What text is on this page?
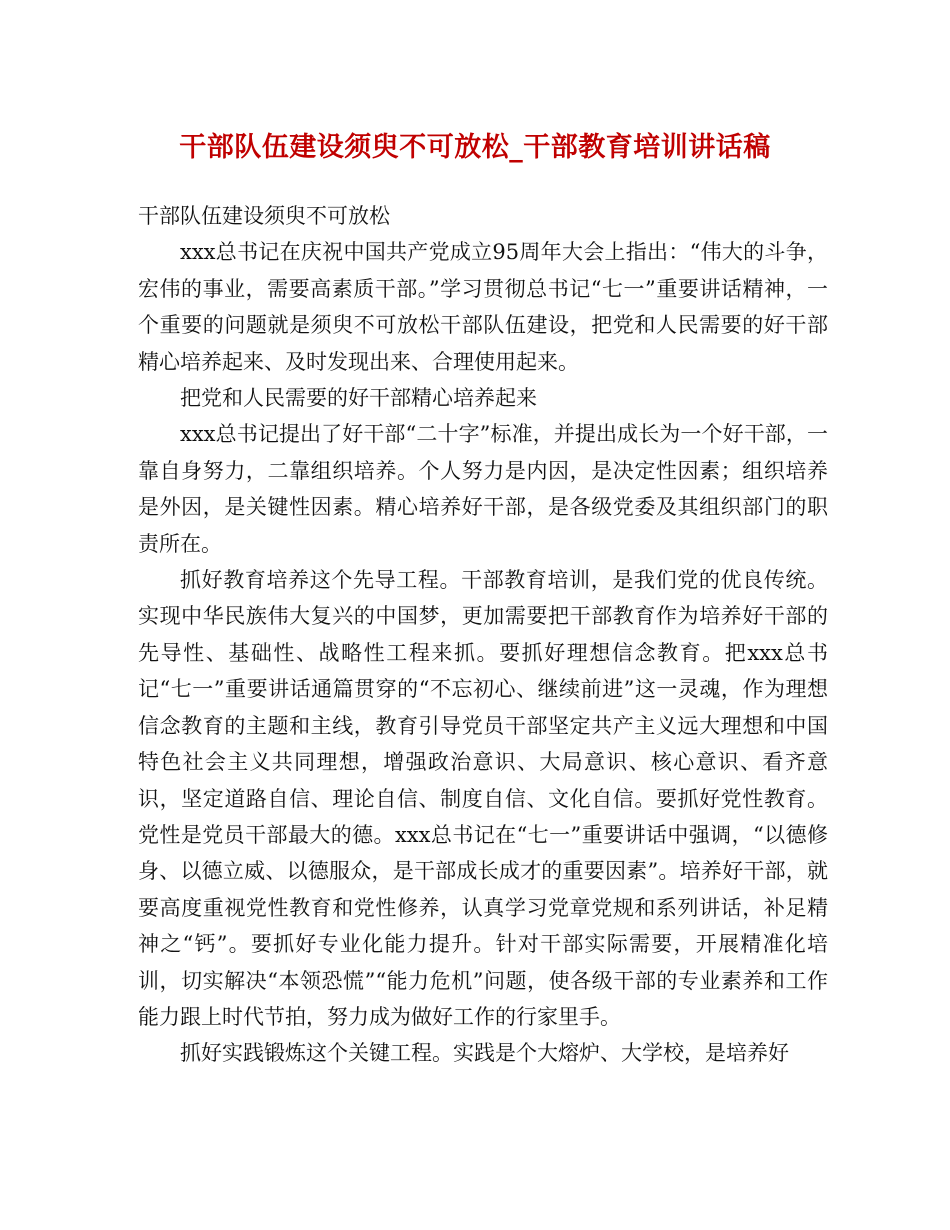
干部队伍建设须臾不可放松_干部教育培训讲话稿

干部队伍建设须臾不可放松

xxx总书记在庆祝中国共产党成立95周年大会上指出：“伟大的斗争，宏伟的事业，需要高素质干部。”学习贯彻总书记“七一”重要讲话精神，一个重要的问题就是须臾不可放松干部队伍建设，把党和人民需要的好干部精心培养起来、及时发现出来、合理使用起来。

把党和人民需要的好干部精心培养起来

xxx总书记提出了好干部“二十字”标准，并提出成长为一个好干部，一靠自身努力，二靠组织培养。个人努力是内因，是决定性因素；组织培养是外因，是关键性因素。精心培养好干部，是各级党委及其组织部门的职责所在。

抓好教育培养这个先导工程。干部教育培训，是我们党的优良传统。实现中华民族伟大复兴的中国梦，更加需要把干部教育作为培养好干部的先导性、基础性、战略性工程来抓。要抓好理想信念教育。把xxx总书记“七一”重要讲话通篇贯穿的“不忘初心、继续前进”这一灵魂，作为理想信念教育的主题和主线，教育引导党员干部坚定共产主义远大理想和中国特色社会主义共同理想，增强政治意识、大局意识、核心意识、看齐意识，坚定道路自信、理论自信、制度自信、文化自信。要抓好党性教育。党性是党员干部最大的德。xxx总书记在“七一”重要讲话中强调，“以德修身、以德立威、以德服众，是干部成长成才的重要因素”。培养好干部，就要高度重视党性教育和党性修养，认真学习党章党规和系列讲话，补足精神之“钙”。要抓好专业化能力提升。针对干部实际需要，开展精准化培训，切实解决“本领恐慌”“能力危机”问题，使各级干部的专业素养和工作能力跟上时代节拍，努力成为做好工作的行家里手。

抓好实践锻炼这个关键工程。实践是个大熔炉、大学校，是培养好
